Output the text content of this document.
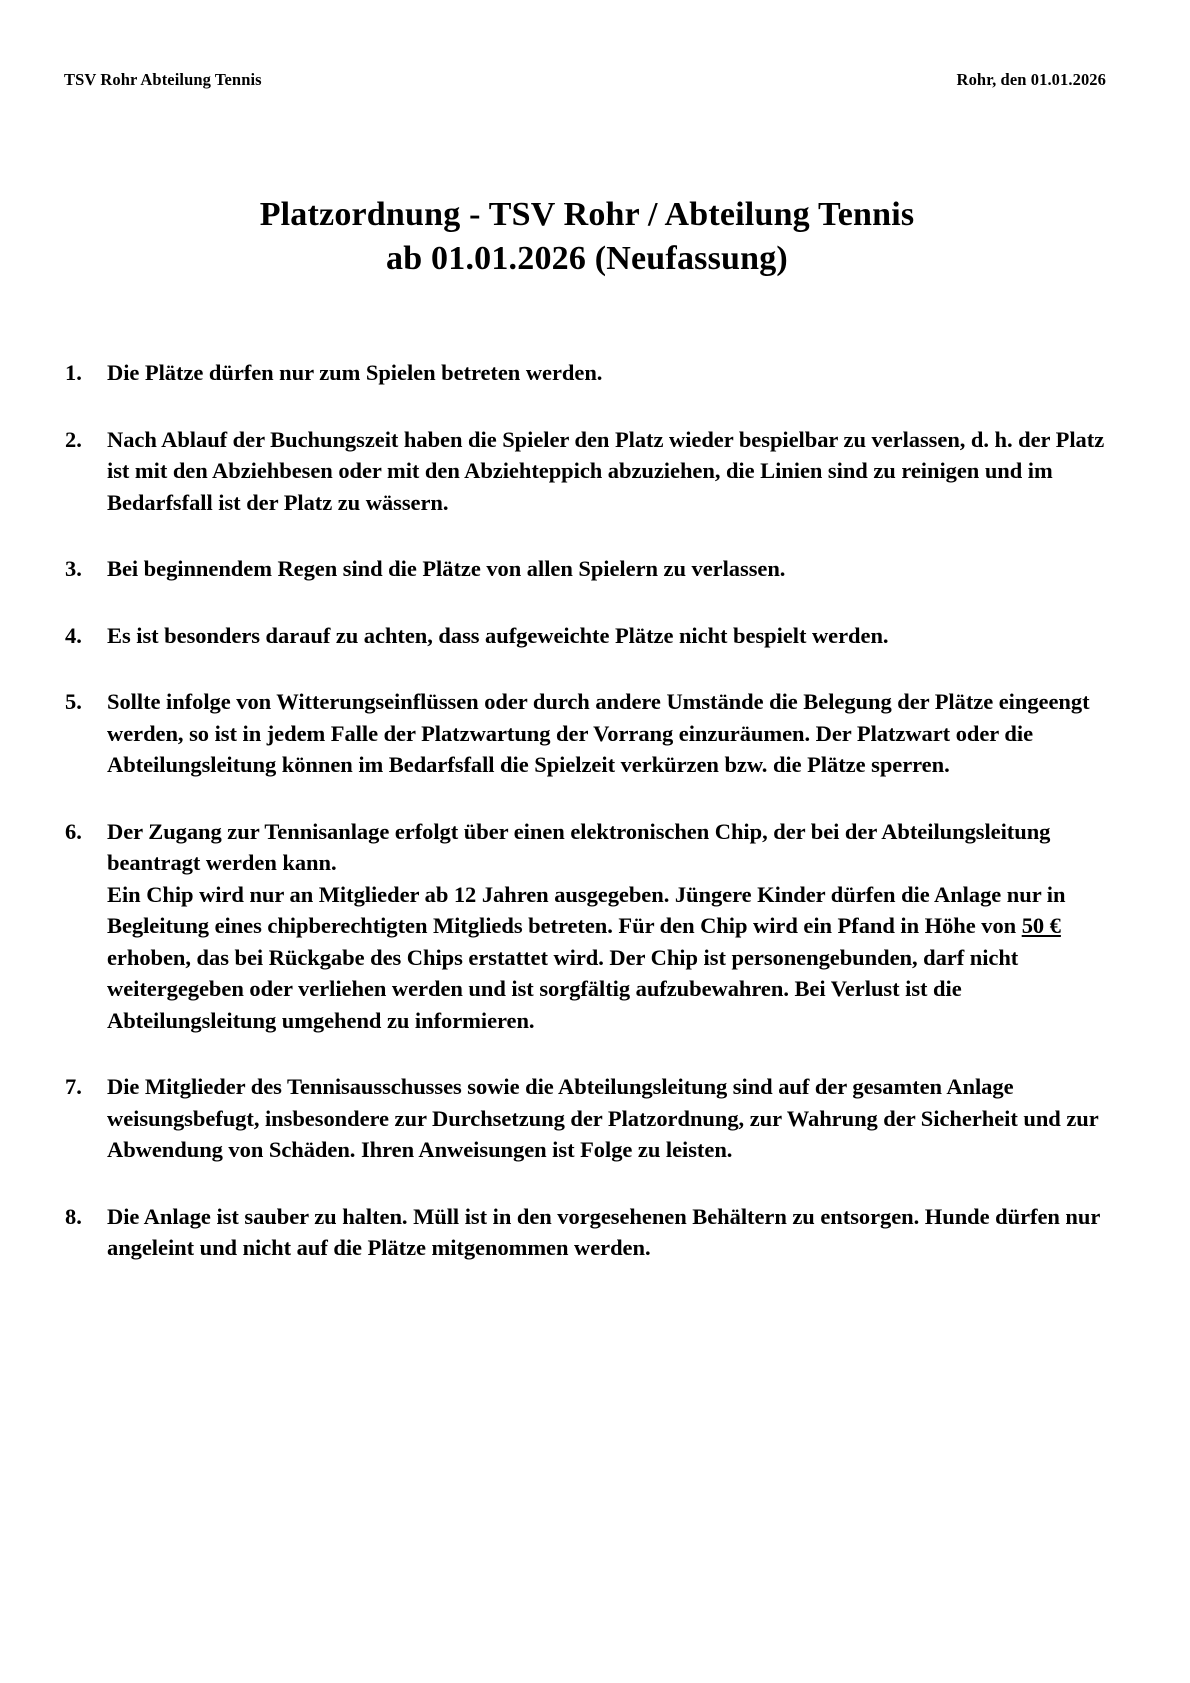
TSV Rohr Abteilung Tennis	Rohr, den 01.01.2026
Platzordnung - TSV Rohr / Abteilung Tennis
ab 01.01.2026 (Neufassung)
1.	Die Plätze dürfen nur zum Spielen betreten werden.
2.	Nach Ablauf der Buchungszeit haben die Spieler den Platz wieder bespielbar zu verlassen, d. h. der Platz ist mit den Abziehbesen oder mit den Abziehteppich abzuziehen, die Linien sind zu reinigen und im Bedarfsfall ist der Platz zu wässern.
3.	Bei beginnendem Regen sind die Plätze von allen Spielern zu verlassen.
4.	Es ist besonders darauf zu achten, dass aufgeweichte Plätze nicht bespielt werden.
5.	Sollte infolge von Witterungseinflüssen oder durch andere Umstände die Belegung der Plätze eingeengt werden, so ist in jedem Falle der Platzwartung der Vorrang einzuräumen. Der Platzwart oder die Abteilungsleitung können im Bedarfsfall die Spielzeit verkürzen bzw. die Plätze sperren.
6.	Der Zugang zur Tennisanlage erfolgt über einen elektronischen Chip, der bei der Abteilungsleitung beantragt werden kann.
Ein Chip wird nur an Mitglieder ab 12 Jahren ausgegeben. Jüngere Kinder dürfen die Anlage nur in Begleitung eines chipberechtigten Mitglieds betreten. Für den Chip wird ein Pfand in Höhe von 50 € erhoben, das bei Rückgabe des Chips erstattet wird. Der Chip ist personengebunden, darf nicht weitergegeben oder verliehen werden und ist sorgfältig aufzubewahren. Bei Verlust ist die Abteilungsleitung umgehend zu informieren.
7.	Die Mitglieder des Tennisausschusses sowie die Abteilungsleitung sind auf der gesamten Anlage weisungsbefugt, insbesondere zur Durchsetzung der Platzordnung, zur Wahrung der Sicherheit und zur Abwendung von Schäden. Ihren Anweisungen ist Folge zu leisten.
8.	Die Anlage ist sauber zu halten. Müll ist in den vorgesehenen Behältern zu entsorgen. Hunde dürfen nur angeleint und nicht auf die Plätze mitgenommen werden.
